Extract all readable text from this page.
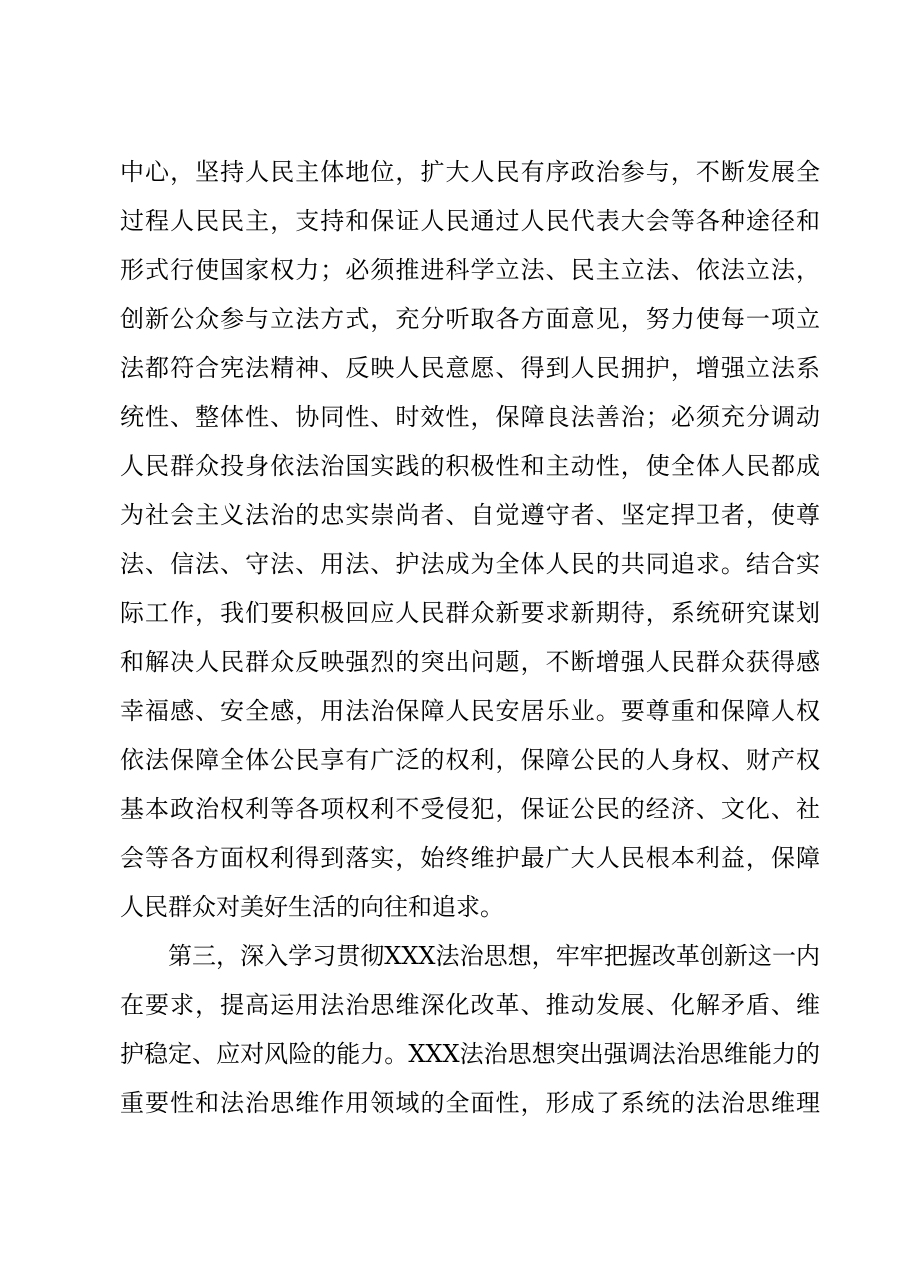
中心，坚持人民主体地位，扩大人民有序政治参与，不断发展全
过程人民民主，支持和保证人民通过人民代表大会等各种途径和
形式行使国家权力；必须推进科学立法、民主立法、依法立法，
创新公众参与立法方式，充分听取各方面意见，努力使每一项立
法都符合宪法精神、反映人民意愿、得到人民拥护，增强立法系
统性、整体性、协同性、时效性，保障良法善治；必须充分调动
人民群众投身依法治国实践的积极性和主动性，使全体人民都成
为社会主义法治的忠实崇尚者、自觉遵守者、坚定捍卫者，使尊
法、信法、守法、用法、护法成为全体人民的共同追求。结合实
际工作，我们要积极回应人民群众新要求新期待，系统研究谋划
和解决人民群众反映强烈的突出问题，不断增强人民群众获得感
幸福感、安全感，用法治保障人民安居乐业。要尊重和保障人权
依法保障全体公民享有广泛的权利，保障公民的人身权、财产权
基本政治权利等各项权利不受侵犯，保证公民的经济、文化、社
会等各方面权利得到落实，始终维护最广大人民根本利益，保障
人民群众对美好生活的向往和追求。
第三，深入学习贯彻XXX法治思想，牢牢把握改革创新这一内
在要求，提高运用法治思维深化改革、推动发展、化解矛盾、维
护稳定、应对风险的能力。XXX法治思想突出强调法治思维能力的
重要性和法治思维作用领域的全面性，形成了系统的法治思维理
